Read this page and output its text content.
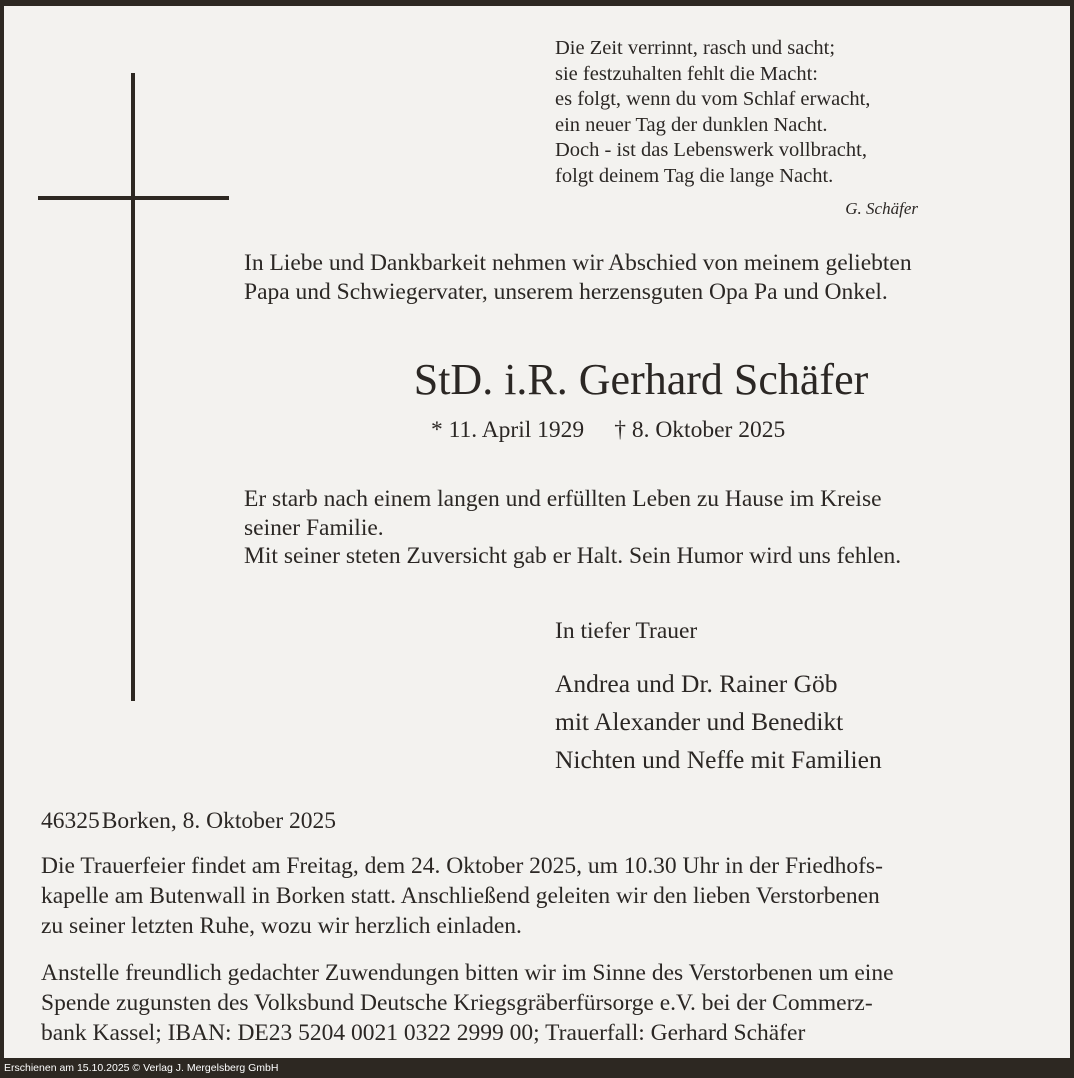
Die Zeit verrinnt, rasch und sacht;
sie festzuhalten fehlt die Macht:
es folgt, wenn du vom Schlaf erwacht,
ein neuer Tag der dunklen Nacht.
Doch - ist das Lebenswerk vollbracht,
folgt deinem Tag die lange Nacht.
G. Schäfer
In Liebe und Dankbarkeit nehmen wir Abschied von meinem geliebten
Papa und Schwiegervater, unserem herzensguten Opa Pa und Onkel.
StD. i.R. Gerhard Schäfer
* 11. April 1929 † 8. Oktober 2025
Er starb nach einem langen und erfüllten Leben zu Hause im Kreise
seiner Familie.
Mit seiner steten Zuversicht gab er Halt. Sein Humor wird uns fehlen.
In tiefer Trauer
Andrea und Dr. Rainer Göb
mit Alexander und Benedikt
Nichten und Neffe mit Familien
46325Borken, 8. Oktober 2025
Die Trauerfeier findet am Freitag, dem 24. Oktober 2025, um 10.30 Uhr in der Friedhofs-
kapelle am Butenwall in Borken statt. Anschließend geleiten wir den lieben Verstorbenen
zu seiner letzten Ruhe, wozu wir herzlich einladen.
Anstelle freundlich gedachter Zuwendungen bitten wir im Sinne des Verstorbenen um eine
Spende zugunsten des Volksbund Deutsche Kriegsgräberfürsorge e.V. bei der Commerz-
bank Kassel; IBAN: DE23 5204 0021 0322 2999 00; Trauerfall: Gerhard Schäfer
Erschienen am 15.10.2025 © Verlag J. Mergelsberg GmbH
